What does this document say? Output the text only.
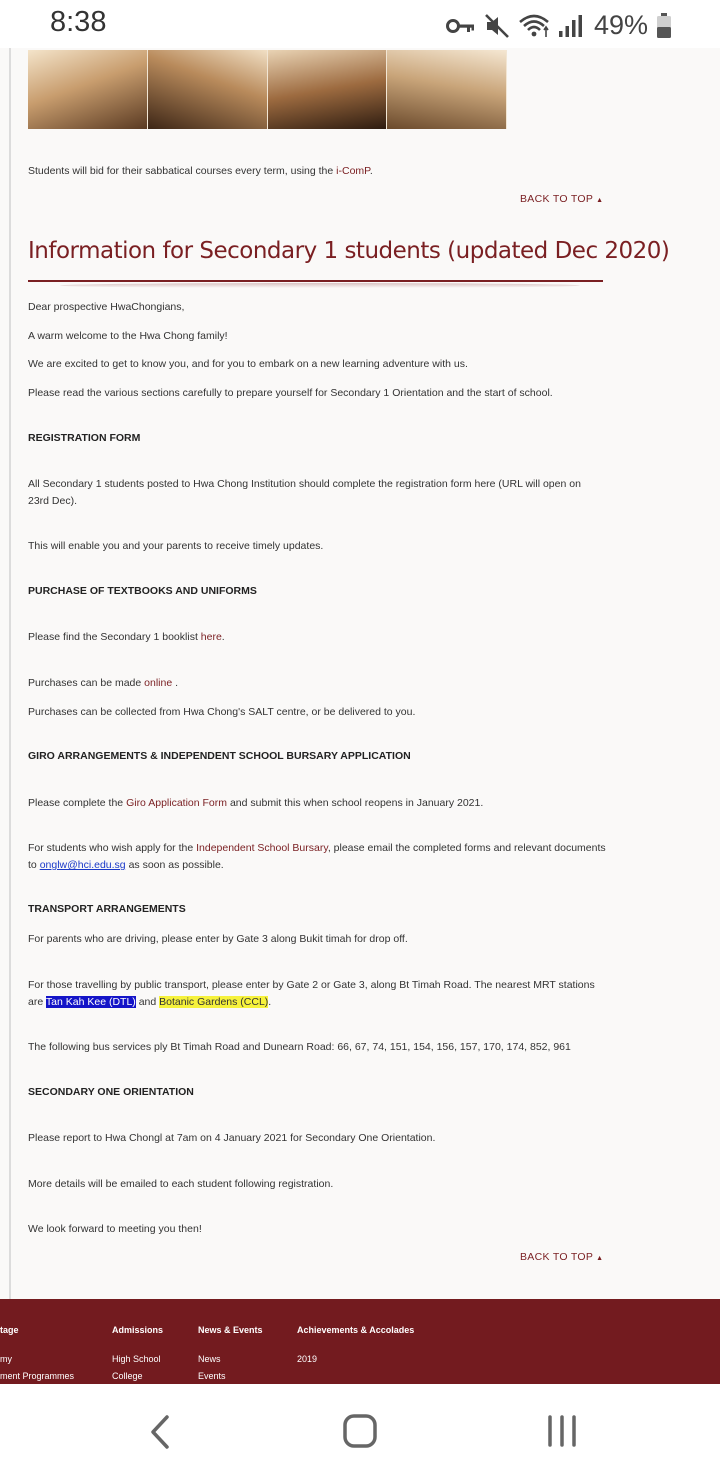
8:38	49%
Students will bid for their sabbatical courses every term, using the i-ComP.
BACK TO TOP ▲
Information for Secondary 1 students (updated Dec 2020)
Dear prospective HwaChongians,
A warm welcome to the Hwa Chong family!
We are excited to get to know you, and for you to embark on a new learning adventure with us.
Please read the various sections carefully to prepare yourself for Secondary 1 Orientation and the start of school.
REGISTRATION FORM
All Secondary 1 students posted to Hwa Chong Institution should complete the registration form here (URL will open on 23rd Dec).
This will enable you and your parents to receive timely updates.
PURCHASE OF TEXTBOOKS AND UNIFORMS
Please find the Secondary 1 booklist here.
Purchases can be made online .
Purchases can be collected from Hwa Chong's SALT centre, or be delivered to you.
GIRO ARRANGEMENTS & INDEPENDENT SCHOOL BURSARY APPLICATION
Please complete the Giro Application Form and submit this when school reopens in January 2021.
For students who wish apply for the Independent School Bursary, please email the completed forms and relevant documents to onglw@hci.edu.sg as soon as possible.
TRANSPORT ARRANGEMENTS
For parents who are driving, please enter by Gate 3 along Bukit timah for drop off.
For those travelling by public transport, please enter by Gate 2 or Gate 3, along Bt Timah Road. The nearest MRT stations are Tan Kah Kee (DTL) and Botanic Gardens (CCL).
The following bus services ply Bt Timah Road and Dunearn Road: 66, 67, 74, 151, 154, 156, 157, 170, 174, 852, 961
SECONDARY ONE ORIENTATION
Please report to Hwa Chongl at 7am on 4 January 2021 for Secondary One Orientation.
More details will be emailed to each student following registration.
We look forward to meeting you then!
BACK TO TOP ▲
tage
my
ment Programmes
Admissions
High School
College
News & Events
News
Events
Achievements & Accolades
2019
